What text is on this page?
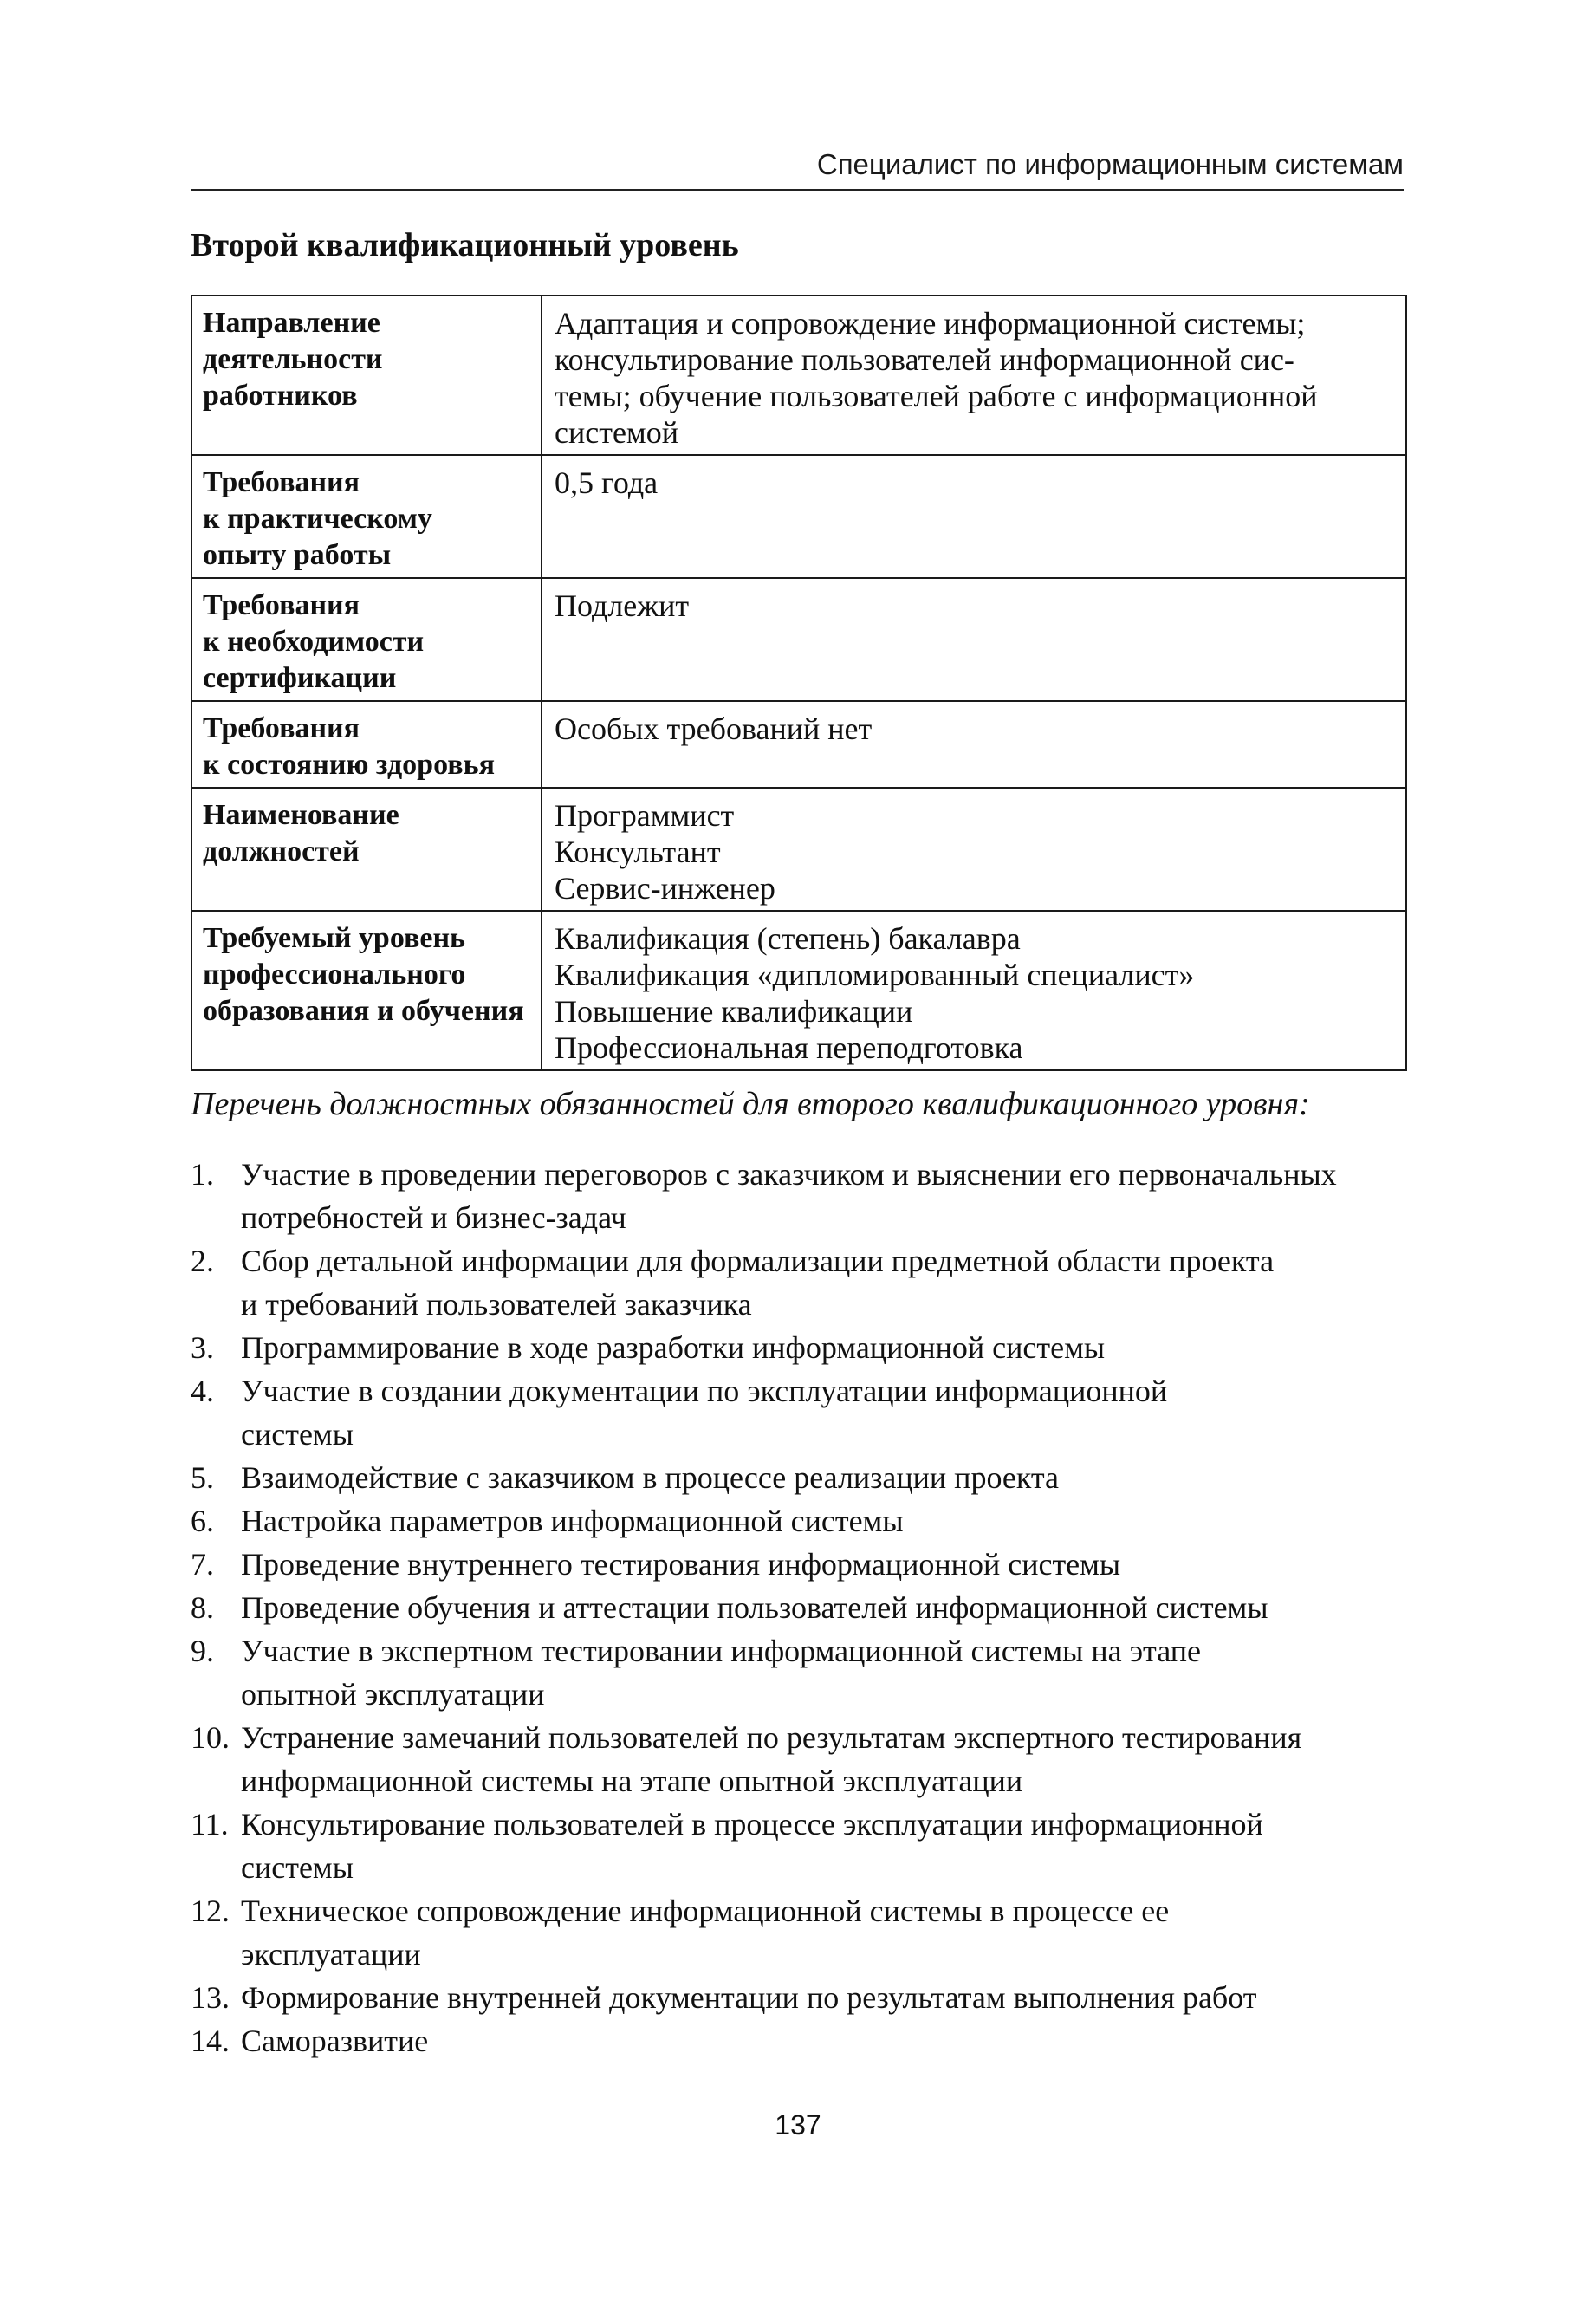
Специалист по информационным системам
Второй квалификационный уровень
Направление
деятельности
работников	Адаптация и сопровождение информационной системы;
консультирование пользователей информационной сис-
темы; обучение пользователей работе с информационной
системой

Требования
к практическому
опыту работы	0,5 года

Требования
к необходимости
сертификации	Подлежит

Требования
к состоянию здоровья	Особых требований нет

Наименование
должностей	Программист
Консультант
Сервис-инженер

Требуемый уровень
профессионального
образования и обучения	Квалификация (степень) бакалавра
Квалификация «дипломированный специалист»
Повышение квалификации
Профессиональная переподготовка

Перечень должностных обязанностей для второго квалификационного уровня:

1. Участие в проведении переговоров с заказчиком и выяснении его первоначальных
потребностей и бизнес-задач
2. Сбор детальной информации для формализации предметной области проекта
и требований пользователей заказчика
3. Программирование в ходе разработки информационной системы
4. Участие в создании документации по эксплуатации информационной
системы
5. Взаимодействие с заказчиком в процессе реализации проекта
6. Настройка параметров информационной системы
7. Проведение внутреннего тестирования информационной системы
8. Проведение обучения и аттестации пользователей информационной системы
9. Участие в экспертном тестировании информационной системы на этапе
опытной эксплуатации
10. Устранение замечаний пользователей по результатам экспертного тестирования
информационной системы на этапе опытной эксплуатации
11. Консультирование пользователей в процессе эксплуатации информационной
системы
12. Техническое сопровождение информационной системы в процессе ее
эксплуатации
13. Формирование внутренней документации по результатам выполнения работ
14. Саморазвитие
137
